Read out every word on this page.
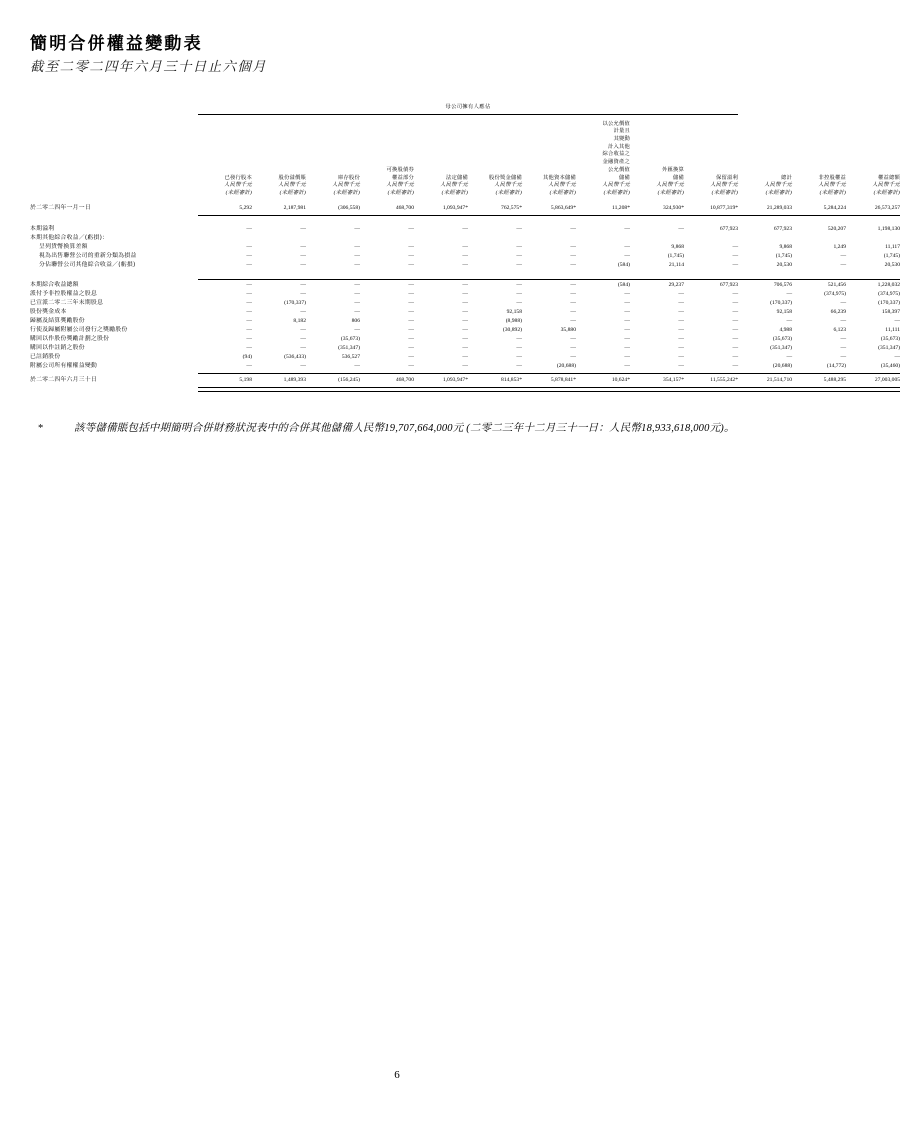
簡明合併權益變動表
截至二零二四年六月三十日止六個月
	母公司擁有人應佔												

已發行股本
人民幣千元
(未經審計)

股份溢價賬
人民幣千元
(未經審計)

庫存股份
人民幣千元
(未經審計)

可換股債券
權益部分
人民幣千元
(未經審計)

法定儲備
人民幣千元
(未經審計)

股份獎金儲備
人民幣千元
(未經審計)

其他資本儲備
人民幣千元
(未經審計)

以公允價值
計量且
其變動
計入其他
綜合收益之
金融資產之
公允價值
儲備
人民幣千元
(未經審計)

外匯換算
儲備
人民幣千元
(未經審計)

保留溢利
人民幣千元
(未經審計)

總計
人民幣千元
(未經審計)

非控股權益
人民幣千元
(未經審計)

權益總額
人民幣千元
(未經審計)

於二零二四年一月一日	5,292	2,187,981	(306,558)	468,700	1,093,947*	762,575*	5,863,649*	11,208*	324,930*	10,877,319*	21,289,033	5,284,224	26,573,257

本期溢利	—	—	—	—	—	—	—	—	—	677,923	677,923	520,207	1,198,130
本期其他綜合收益／(虧損)：													
呈列貨幣換算差額	—	—	—	—	—	—	—	—	9,868	—	9,868	1,249	11,117
視為出售聯營公司的重新分類為損益	—	—	—	—	—	—	—	—	(1,745)	—	(1,745)	—	(1,745)
分佔聯營公司其他綜合收益／(虧損)	—	—	—	—	—	—	—	(584)	21,114	—	20,530	—	20,530

本期綜合收益總額	—	—	—	—	—	—	—	(584)	29,237	677,923	706,576	521,456	1,228,032
派付予非控股權益之股息	—	—	—	—	—	—	—	—	—	—	—	(374,975)	(374,975)
已宣派二零二三年末期股息	—	(170,337)	—	—	—	—	—	—	—	—	(170,337)	—	(170,337)
股份獎金成本	—	—	—	—	—	92,158	—	—	—	—	92,158	66,239	158,397
歸屬及結算獎勵股份	—	8,182	806	—	—	(8,988)	—	—	—	—	—	—	—
行使及歸屬附屬公司發行之獎勵股份	—	—	—	—	—	(30,892)	35,880	—	—	—	4,988	6,123	11,111
購回以作股份獎勵計劃之股份	—	—	(35,673)	—	—	—	—	—	—	—	(35,673)	—	(35,673)
購回以作註銷之股份	—	—	(351,347)	—	—	—	—	—	—	—	(351,347)	—	(351,347)
已註銷股份	(94)	(536,433)	536,527	—	—	—	—	—	—	—	—	—	—
附屬公司所有權權益變動	—	—	—	—	—	—	(20,688)	—	—	—	(20,688)	(14,772)	(35,460)

於二零二四年六月三十日	5,198	1,489,393	(156,245)	468,700	1,093,947*	814,853*	5,878,841*	10,624*	354,157*	11,555,242*	21,514,710	5,488,295	27,003,005

*	該等儲備賬包括中期簡明合併財務狀況表中的合併其他儲備人民幣19,707,664,000元 (二零二三年十二月三十一日：人民幣18,933,618,000元)。
6
